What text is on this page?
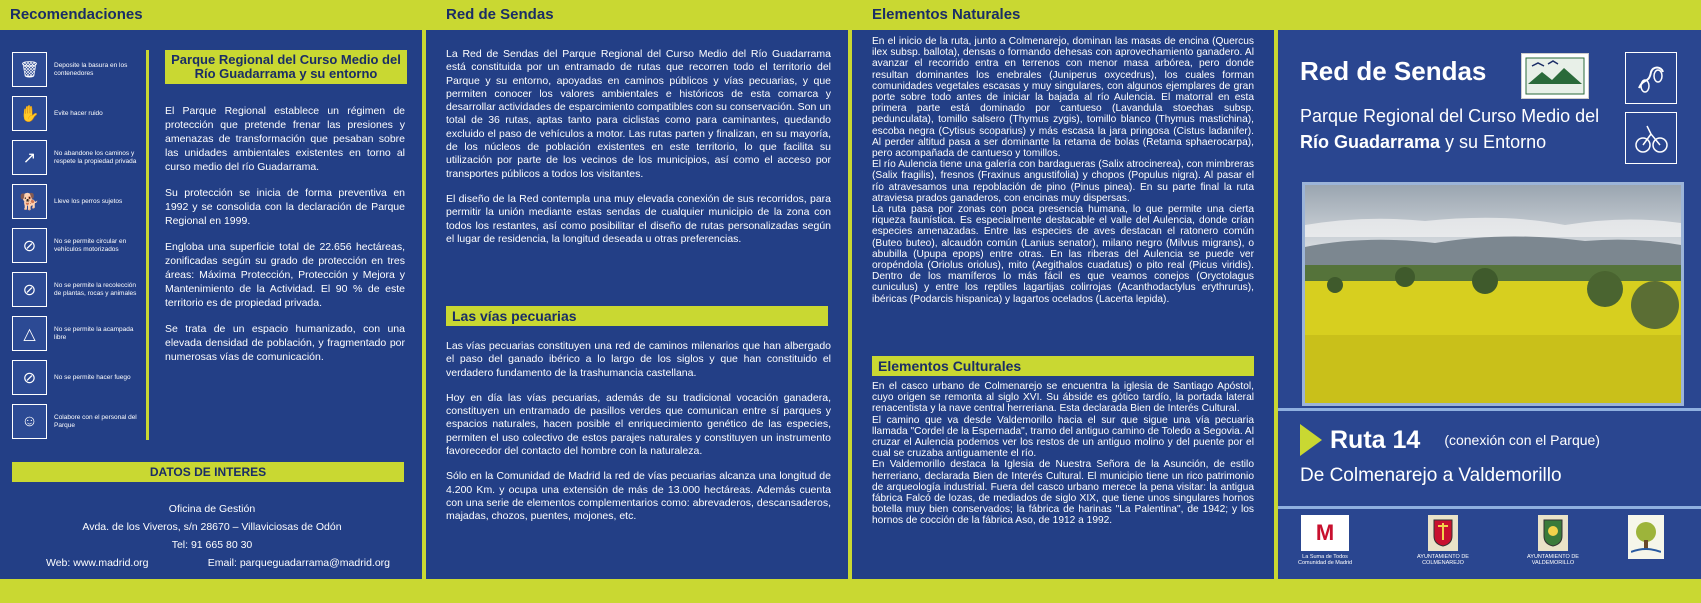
Recomendaciones
🗑	Deposite la basura en los contenedores
✋	Evite hacer ruido
↗	No abandone los caminos y respete la propiedad privada
🐕	Lleve los perros sujetos
⊘	No se permite circular en vehículos motorizados
⊘	No se permite la recolección de plantas, rocas y animales
△	No se permite la acampada libre
⊘	No se permite hacer fuego
☺	Colabore con el personal del Parque
Parque Regional del Curso Medio del Río Guadarrama y su entorno

El Parque Regional establece un régimen de protección que pretende frenar las presiones y amenazas de transformación que pesaban sobre las unidades ambientales existentes en torno al curso medio del río Guadarrama.

Su protección se inicia de forma preventiva en 1992 y se consolida con la declaración de Parque Regional en 1999.

Engloba una superficie total de 22.656 hectáreas, zonificadas según su grado de protección en tres áreas: Máxima Protección, Protección y Mejora y Mantenimiento de la Actividad. El 90 % de este territorio es de propiedad privada.

Se trata de un espacio humanizado, con una elevada densidad de población, y fragmentado por numerosas vías de comunicación.

DATOS DE INTERES
Oficina de Gestión
Avda. de los Viveros, s/n 28670 – Villaviciosas de Odón
Tel: 91 665 80 30
Web: www.madrid.org	Email: parqueguadarrama@madrid.org
Red de Sendas

La Red de Sendas del Parque Regional del Curso Medio del Río Guadarrama está constituida por un entramado de rutas que recorren todo el territorio del Parque y su entorno, apoyadas en caminos públicos y vías pecuarias, y que permiten conocer los valores ambientales e históricos de esta comarca y desarrollar actividades de esparcimiento compatibles con su conservación. Son un total de 36 rutas, aptas tanto para ciclistas como para caminantes, quedando excluido el paso de vehículos a motor. Las rutas parten y finalizan, en su mayoría, de los núcleos de población existentes en este territorio, lo que facilita su utilización por parte de los vecinos de los municipios, así como el acceso por transportes públicos a todos los visitantes.

El diseño de la Red contempla una muy elevada conexión de sus recorridos, para permitir la unión mediante estas sendas de cualquier municipio de la zona con todos los restantes, así como posibilitar el diseño de rutas personalizadas según el lugar de residencia, la longitud deseada u otras preferencias.

Las vías pecuarias

Las vías pecuarias constituyen una red de caminos milenarios que han albergado el paso del ganado ibérico a lo largo de los siglos y que han constituido el verdadero fundamento de la trashumancia castellana.

Hoy en día las vías pecuarias, además de su tradicional vocación ganadera, constituyen un entramado de pasillos verdes que comunican entre sí parques y espacios naturales, hacen posible el enriquecimiento genético de las especies, permiten el uso colectivo de estos parajes naturales y constituyen un instrumento favorecedor del contacto del hombre con la naturaleza.

Sólo en la Comunidad de Madrid la red de vías pecuarias alcanza una longitud de 4.200 Km. y ocupa una extensión de más de 13.000 hectáreas. Además cuenta con una serie de elementos complementarios como: abrevaderos, descansaderos, majadas, chozos, puentes, mojones, etc.

Elementos Naturales

En el inicio de la ruta, junto a Colmenarejo, dominan las masas de encina (Quercus ilex subsp. ballota), densas o formando dehesas con aprovechamiento ganadero. Al avanzar el recorrido entra en terrenos con menor masa arbórea, pero donde resultan dominantes los enebrales (Juniperus oxycedrus), los cuales forman comunidades vegetales escasas y muy singulares, con algunos ejemplares de gran porte sobre todo antes de iniciar la bajada al río Aulencia. El matorral en esta primera parte está dominado por cantueso (Lavandula stoechas subsp. pedunculata), tomillo salsero (Thymus zygis), tomillo blanco (Thymus mastichina), escoba negra (Cytisus scoparius) y más escasa la jara pringosa (Cistus ladanifer). Al perder altitud pasa a ser dominante la retama de bolas (Retama sphaerocarpa), pero acompañada de cantueso y tomillos.

El río Aulencia tiene una galería con bardagueras (Salix atrocinerea), con mimbreras (Salix fragilis), fresnos (Fraxinus angustifolia) y chopos (Populus nigra). Al pasar el río atravesamos una repoblación de pino (Pinus pinea). En su parte final la ruta atraviesa prados ganaderos, con encinas muy dispersas.

La ruta pasa por zonas con poca presencia humana, lo que permite una cierta riqueza faunística. Es especialmente destacable el valle del Aulencia, donde crían especies amenazadas. Entre las especies de aves destacan el ratonero común (Buteo buteo), alcaudón común (Lanius senator), milano negro (Milvus migrans), o abubilla (Upupa epops) entre otras. En las riberas del Aulencia se puede ver oropéndola (Oriolus oriolus), mito (Aegithalos cuadatus) o pito real (Picus viridis). Dentro de los mamíferos lo más fácil es que veamos conejos (Oryctolagus cuniculus) y entre los reptiles lagartijas colirrojas (Acanthodactylus erythrurus), ibéricas (Podarcis hispanica) y lagartos ocelados (Lacerta lepida).

Elementos Culturales

En el casco urbano de Colmenarejo se encuentra la iglesia de Santiago Apóstol, cuyo origen se remonta al siglo XVI. Su ábside es gótico tardío, la portada lateral renacentista y la nave central herreriana. Esta declarada Bien de Interés Cultural.

El camino que va desde Valdemorillo hacia el sur que sigue una vía pecuaria llamada "Cordel de la Espernada", tramo del antiguo camino de Toledo a Segovia. Al cruzar el Aulencia podemos ver los restos de un antiguo molino y del puente por el cual se cruzaba antiguamente el río.

En Valdemorillo destaca la Iglesia de Nuestra Señora de la Asunción, de estilo herreriano, declarada Bien de Interés Cultural. El municipio tiene un rico patrimonio de arqueología industrial. Fuera del casco urbano merece la pena visitar: la antigua fábrica Falcó de lozas, de mediados de siglo XIX, que tiene unos singulares hornos botella muy bien conservados; la fábrica de harinas "La Palentina", de 1942; y los hornos de cocción de la fábrica Aso, de 1912 a 1992.

Red de Sendas
Parque Regional del Curso Medio del
Río Guadarrama y su Entorno
Ruta 14 (conexión con el Parque)
De Colmenarejo a Valdemorillo
M
La Suma de Todos
Comunidad de Madrid
AYUNTAMIENTO DE COLMENAREJO
AYUNTAMIENTO DE VALDEMORILLO
